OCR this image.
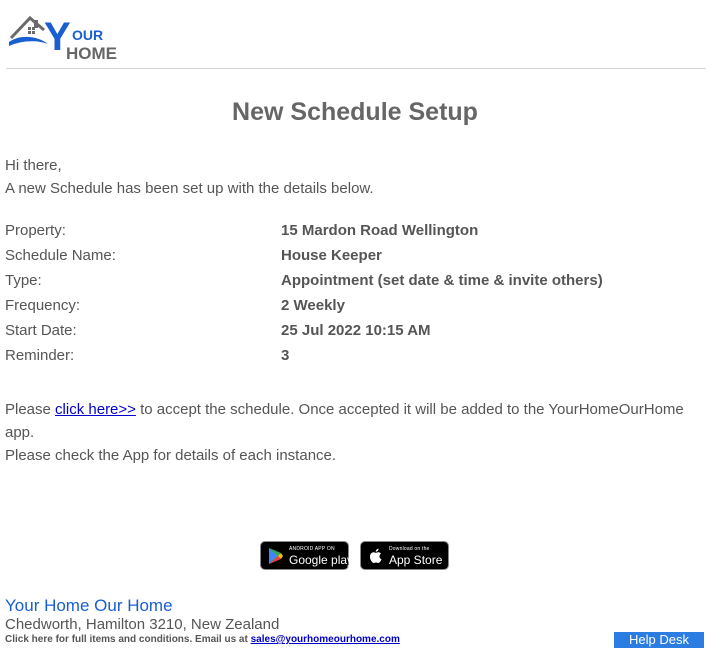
Y OUR
HOME
New Schedule Setup
Hi there,
A new Schedule has been set up with the details below.
Property:	15 Mardon Road Wellington
Schedule Name:	House Keeper
Type:	Appointment (set date & time & invite others)
Frequency:	2 Weekly
Start Date:	25 Jul 2022 10:15 AM
Reminder:	3
Please click here>> to accept the schedule. Once accepted it will be added to the YourHomeOurHome app.
Please check the App for details of each instance.
ANDROID APP ON
Google play
Download on the
App Store
Your Home Our Home
Chedworth, Hamilton 3210, New Zealand
Click here for full items and conditions. Email us at sales@yourhomeourhome.com	Help Desk
